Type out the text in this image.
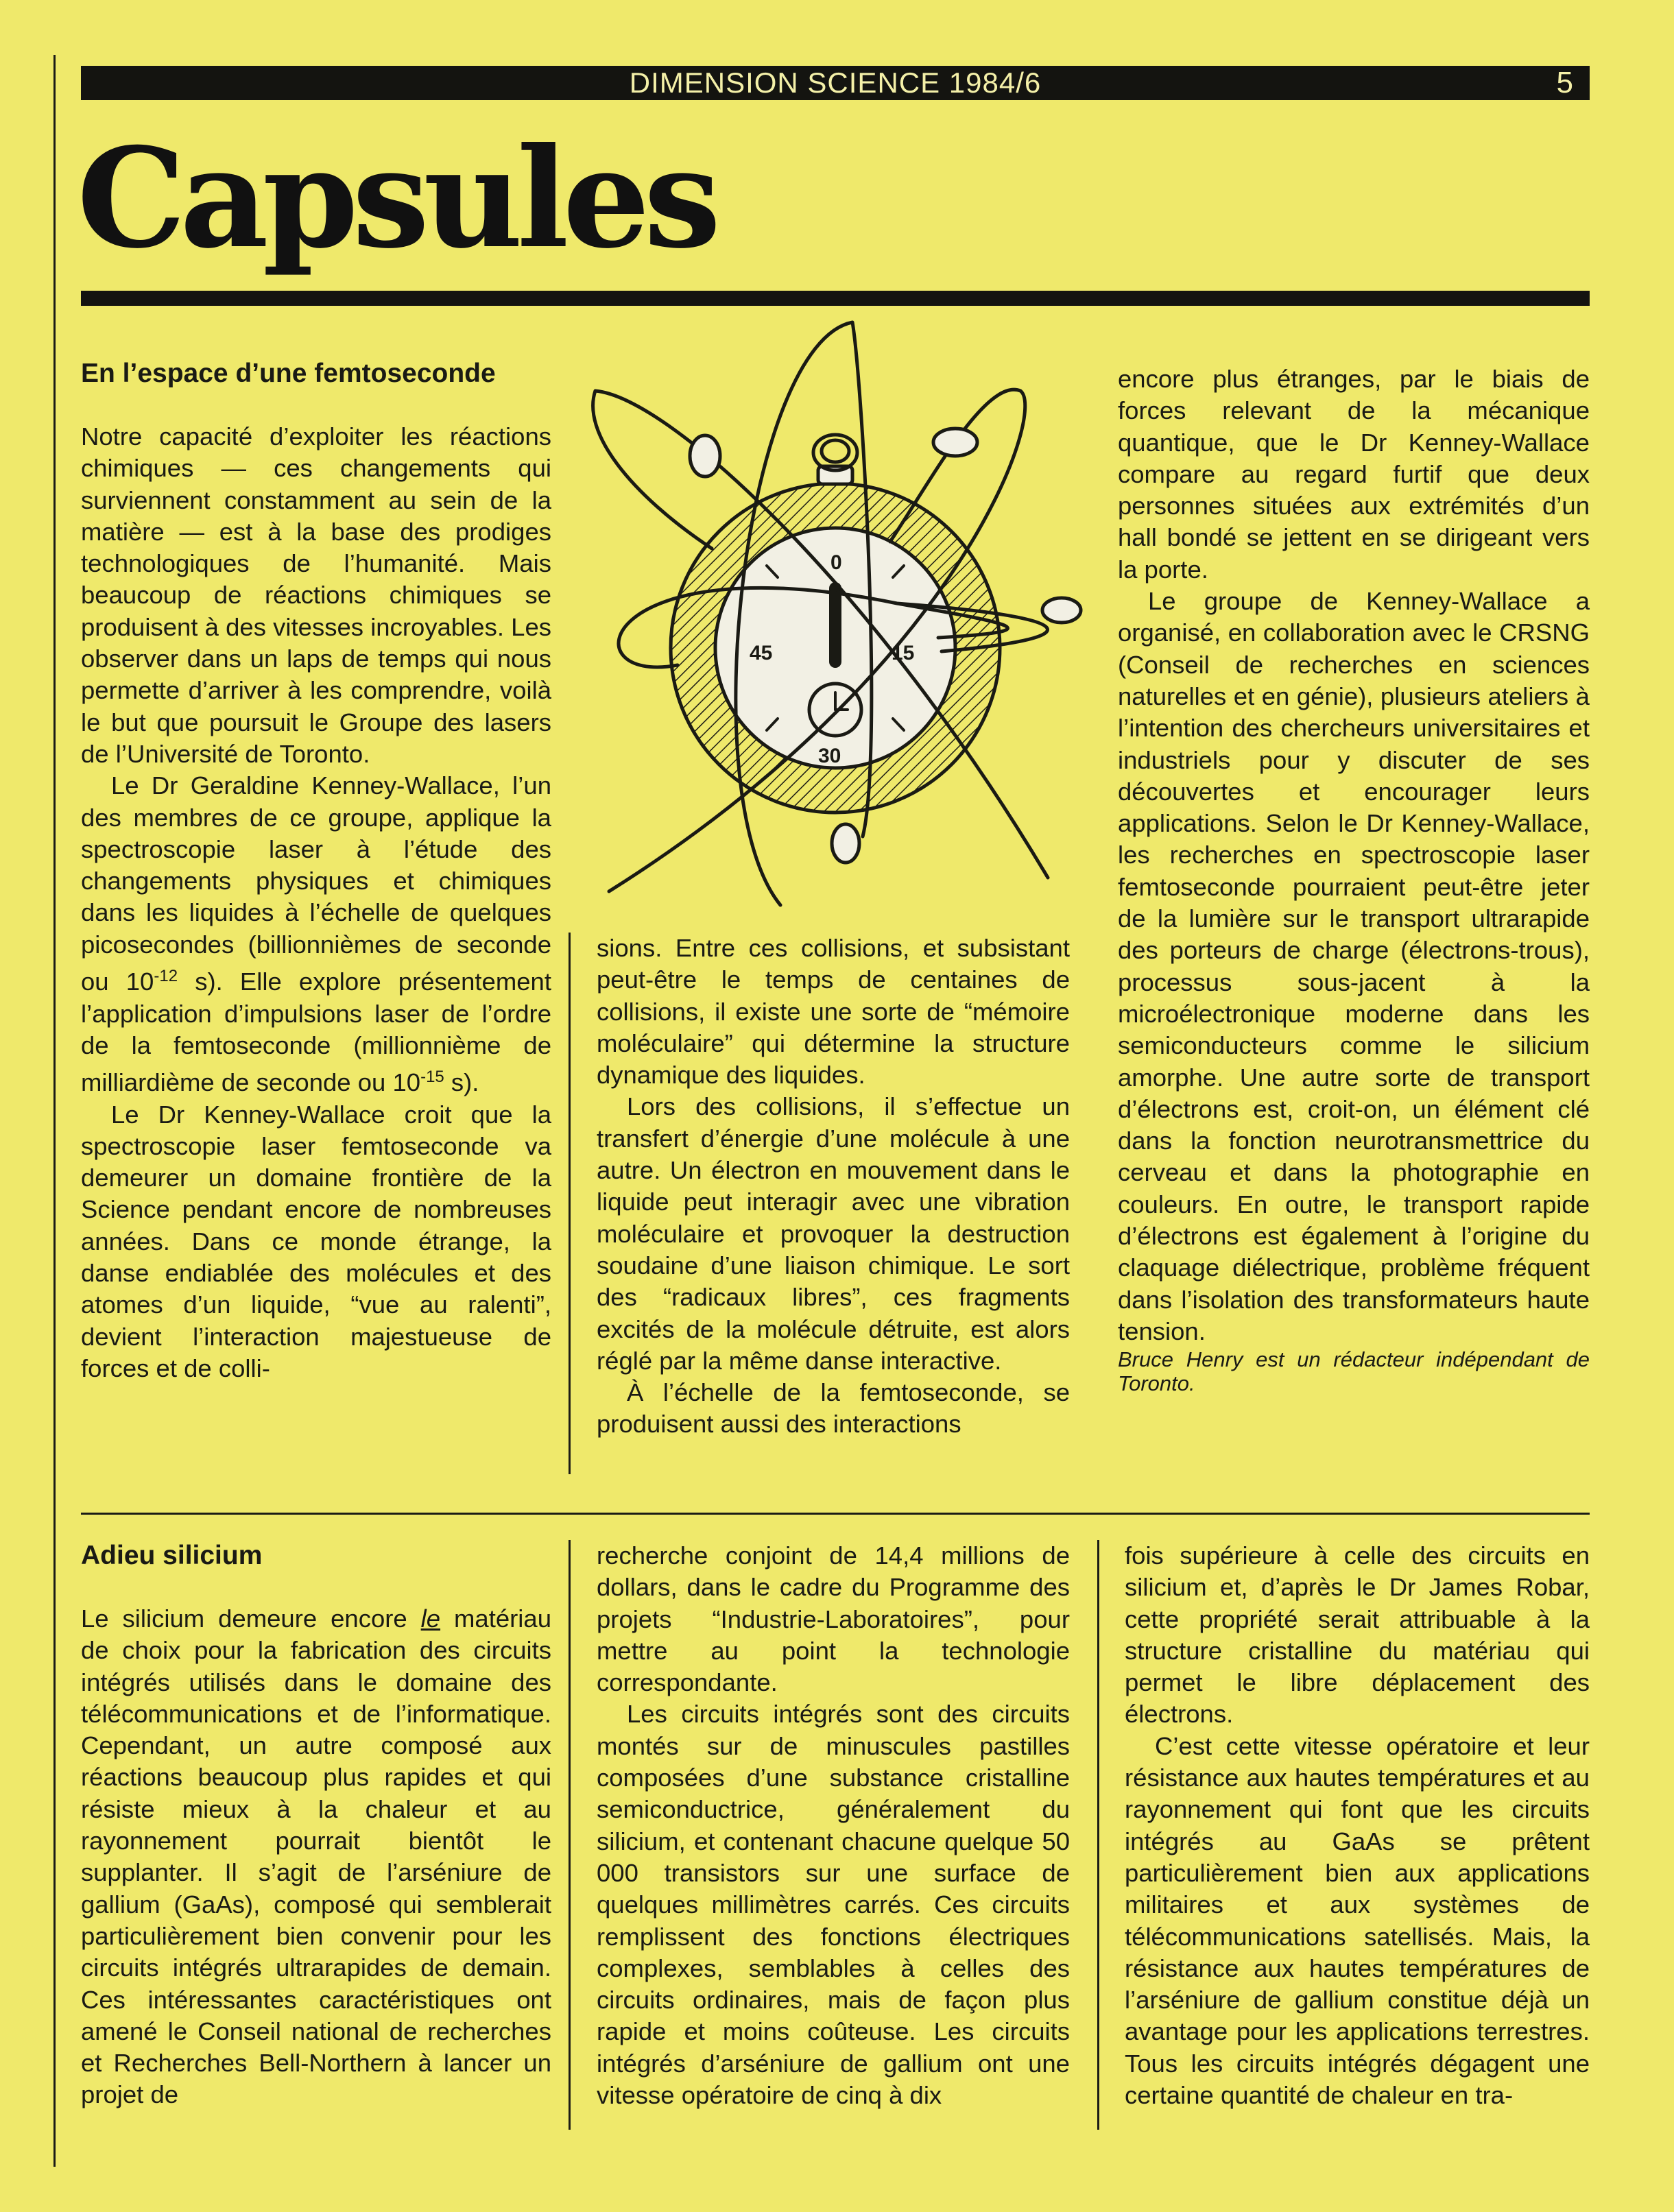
DIMENSION SCIENCE 1984/6	5
Capsules
0
15
30
45
En l’espace d’une femtoseconde

Notre capacité d’exploiter les réactions chimiques — ces changements qui surviennent constamment au sein de la matière — est à la base des prodiges technologiques de l’humanité. Mais beaucoup de réactions chimiques se produisent à des vitesses incroyables. Les observer dans un laps de temps qui nous permette d’arriver à les comprendre, voilà le but que poursuit le Groupe des lasers de l’Université de Toronto.

Le Dr Geraldine Kenney-Wallace, l’un des membres de ce groupe, applique la spectroscopie laser à l’étude des changements physiques et chimiques dans les liquides à l’échelle de quelques picosecondes (billionnièmes de seconde ou $10^{-12}$ s). Elle explore présentement l’application d’impulsions laser de l’ordre de la femtoseconde (millionnième de milliardième de seconde ou $10^{-15}$ s).

Le Dr Kenney-Wallace croit que la spectroscopie laser femtoseconde va demeurer un domaine frontière de la Science pendant encore de nombreuses années. Dans ce monde étrange, la danse endiablée des molécules et des atomes d’un liquide, “vue au ralenti”, devient l’interaction majestueuse de forces et de colli-

sions. Entre ces collisions, et subsistant peut-être le temps de centaines de collisions, il existe une sorte de “mémoire moléculaire” qui détermine la structure dynamique des liquides.

Lors des collisions, il s’effectue un transfert d’énergie d’une molécule à une autre. Un électron en mouvement dans le liquide peut interagir avec une vibration moléculaire et provoquer la destruction soudaine d’une liaison chimique. Le sort des “radicaux libres”, ces fragments excités de la molécule détruite, est alors réglé par la même danse interactive.

À l’échelle de la femtoseconde, se produisent aussi des interactions

encore plus étranges, par le biais de forces relevant de la mécanique quantique, que le Dr Kenney-Wallace compare au regard furtif que deux personnes situées aux extrémités d’un hall bondé se jettent en se dirigeant vers la porte.

Le groupe de Kenney-Wallace a organisé, en collaboration avec le CRSNG (Conseil de recherches en sciences naturelles et en génie), plusieurs ateliers à l’intention des chercheurs universitaires et industriels pour y discuter de ses découvertes et encourager leurs applications. Selon le Dr Kenney-Wallace, les recherches en spectroscopie laser femtoseconde pourraient peut-être jeter de la lumière sur le transport ultrarapide des porteurs de charge (électrons-trous), processus sous-jacent à la microélectronique moderne dans les semiconducteurs comme le silicium amorphe. Une autre sorte de transport d’électrons est, croit-on, un élément clé dans la fonction neurotransmettrice du cerveau et dans la photographie en couleurs. En outre, le transport rapide d’électrons est également à l’origine du claquage diélectrique, problème fréquent dans l’isolation des transformateurs haute tension.

Bruce Henry est un rédacteur indépendant de Toronto.

Adieu silicium

Le silicium demeure encore le matériau de choix pour la fabrication des circuits intégrés utilisés dans le domaine des télécommunications et de l’informatique. Cependant, un autre composé aux réactions beaucoup plus rapides et qui résiste mieux à la chaleur et au rayonnement pourrait bientôt le supplanter. Il s’agit de l’arséniure de gallium (GaAs), composé qui semblerait particulièrement bien convenir pour les circuits intégrés ultrarapides de demain. Ces intéressantes caractéristiques ont amené le Conseil national de recherches et Recherches Bell-Northern à lancer un projet de

recherche conjoint de 14,4 millions de dollars, dans le cadre du Programme des projets “Industrie-Laboratoires”, pour mettre au point la technologie correspondante.

Les circuits intégrés sont des circuits montés sur de minuscules pastilles composées d’une substance cristalline semiconductrice, généralement du silicium, et contenant chacune quelque 50 000 transistors sur une surface de quelques millimètres carrés. Ces circuits remplissent des fonctions électriques complexes, semblables à celles des circuits ordinaires, mais de façon plus rapide et moins coûteuse. Les circuits intégrés d’arséniure de gallium ont une vitesse opératoire de cinq à dix

fois supérieure à celle des circuits en silicium et, d’après le Dr James Robar, cette propriété serait attribuable à la structure cristalline du matériau qui permet le libre déplacement des électrons.

C’est cette vitesse opératoire et leur résistance aux hautes températures et au rayonnement qui font que les circuits intégrés au GaAs se prêtent particulièrement bien aux applications militaires et aux systèmes de télécommunications satellisés. Mais, la résistance aux hautes températures de l’arséniure de gallium constitue déjà un avantage pour les applications terrestres. Tous les circuits intégrés dégagent une certaine quantité de chaleur en tra-
